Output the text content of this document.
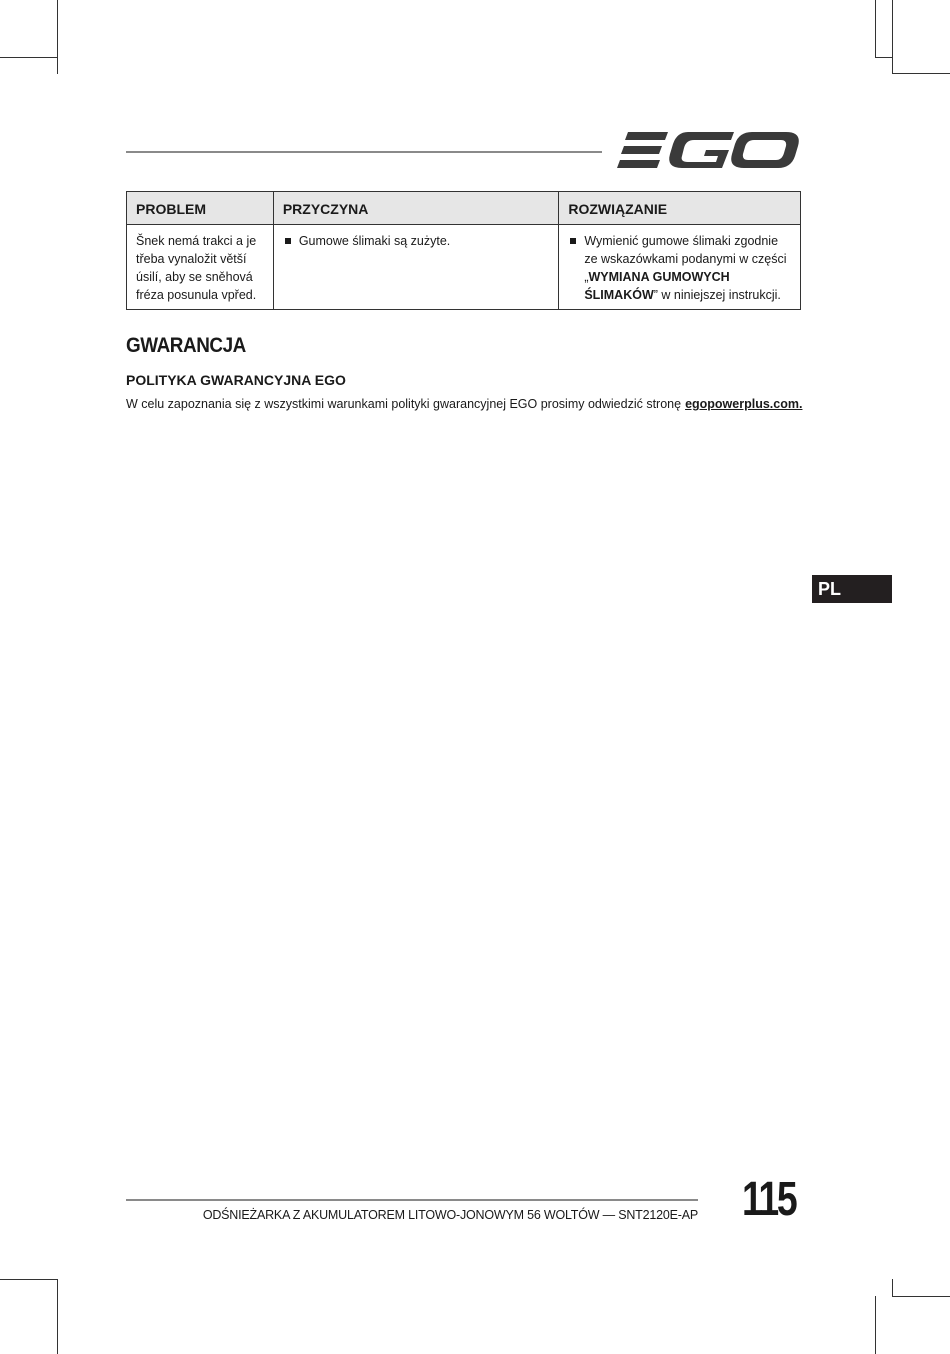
PROBLEM	PRZYCZYNA	ROZWIĄZANIE
Šnek nemá trakci a je třeba vynaložit větší úsilí, aby se sněhová fréza posunula vpřed.	Gumowe ślimaki są zużyte.	Wymienić gumowe ślimaki zgodnie ze wskazówkami podanymi w części „WYMIANA GUMOWYCH ŚLIMAKÓW” w niniejszej instrukcji.
GWARANCJA
POLITYKA GWARANCYJNA EGO
W celu zapoznania się z wszystkimi warunkami polityki gwarancyjnej EGO prosimy odwiedzić stronę egopowerplus.com.
PL
ODŚNIEŻARKA Z AKUMULATOREM LITOWO-JONOWYM 56 WOLTÓW — SNT2120E-AP 115
